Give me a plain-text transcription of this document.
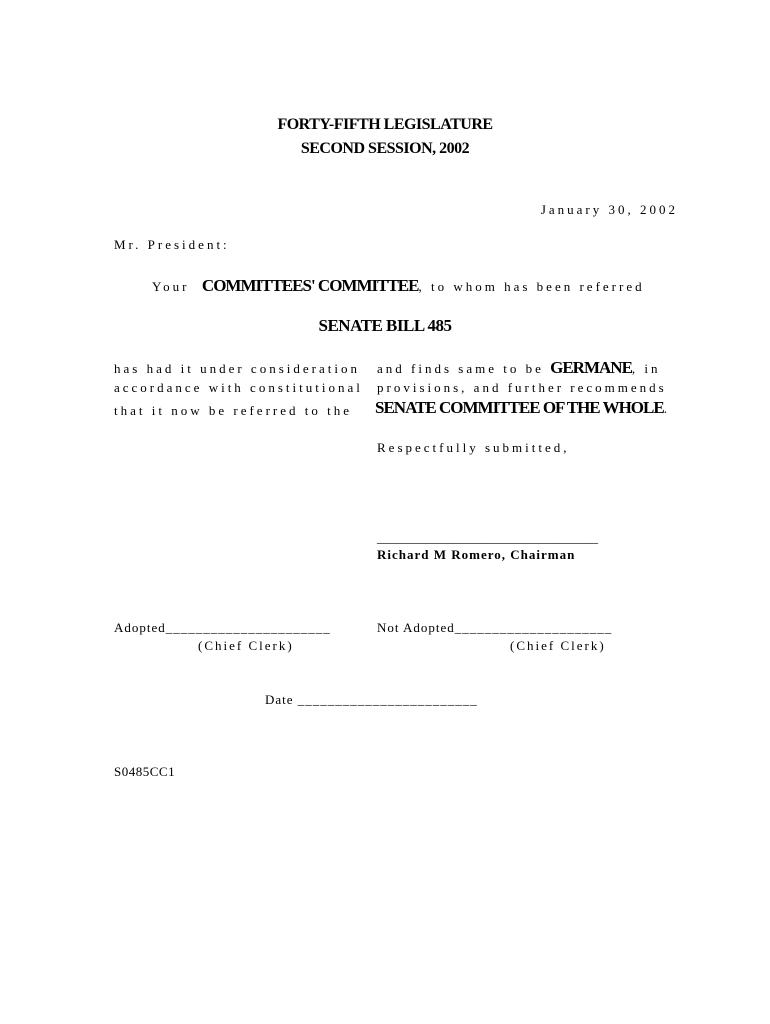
FORTY-FIFTH LEGISLATURE
SECOND SESSION, 2002
January 30, 2002
Mr. President:
Your COMMITTEES' COMMITTEE, to whom has been referred
SENATE BILL 485
has had it under consideration and finds same to be GERMANE, in
accordance with constitutional provisions, and further recommends
that it now be referred to the SENATE COMMITTEE OF THE WHOLE.
Respectfully submitted,
__________________________________
Richard M Romero, Chairman
Adopted______________________
(Chief Clerk)
Not Adopted_____________________
(Chief Clerk)
Date ________________________
S0485CC1
